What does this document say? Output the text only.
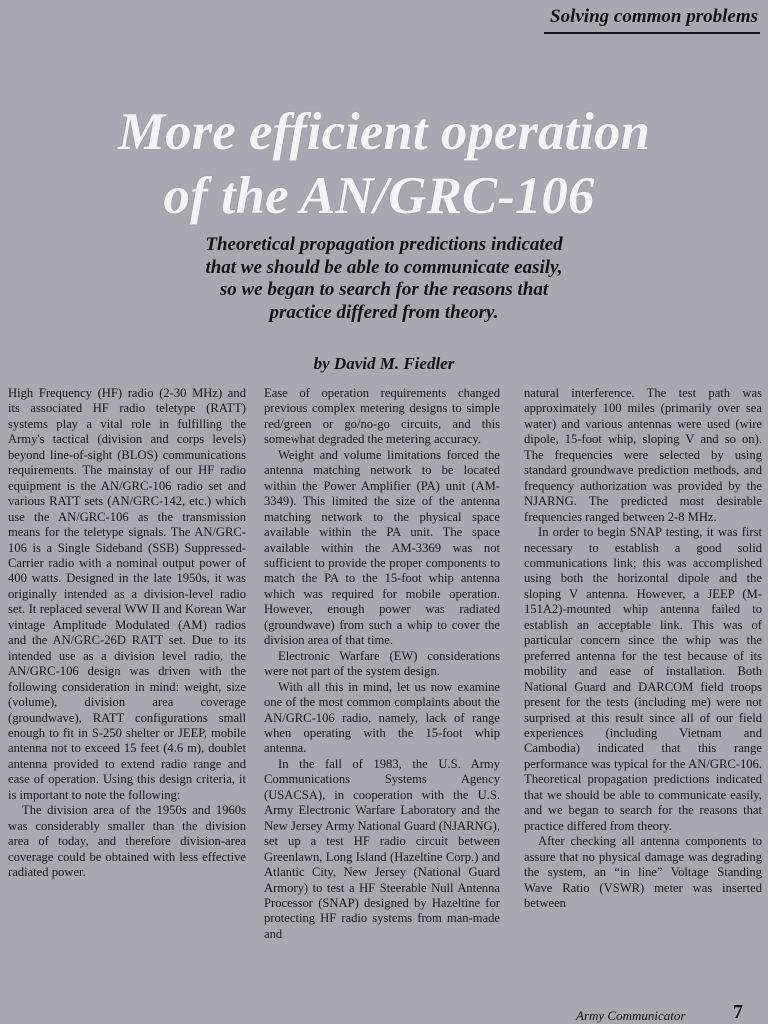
Solving common problems
More efficient operation
of the AN/GRC-106
Theoretical propagation predictions indicated
that we should be able to communicate easily,
so we began to search for the reasons that
practice differed from theory.
by David M. Fiedler

High Frequency (HF) radio (2-30 MHz) and its associated HF radio teletype (RATT) systems play a vital role in fulfilling the Army's tactical (division and corps levels) beyond line-of-sight (BLOS) communications requirements. The mainstay of our HF radio equipment is the AN/GRC-106 radio set and various RATT sets (AN/GRC-142, etc.) which use the AN/GRC-106 as the transmission means for the teletype signals. The AN/GRC-106 is a Single Sideband (SSB) Suppressed-Carrier radio with a nominal output power of 400 watts. Designed in the late 1950s, it was originally intended as a division-level radio set. It replaced several WW II and Korean War vintage Amplitude Modulated (AM) radios and the AN/GRC-26D RATT set. Due to its intended use as a division level radio, the AN/GRC-106 design was driven with the following consideration in mind: weight, size (volume), division area coverage (groundwave), RATT configurations small enough to fit in S-250 shelter or JEEP, mobile antenna not to exceed 15 feet (4.6 m), doublet antenna provided to extend radio range and ease of operation. Using this design criteria, it is important to note the following:

The division area of the 1950s and 1960s was considerably smaller than the division area of today, and therefore division-area coverage could be obtained with less effective radiated power.

Ease of operation requirements changed previous complex metering designs to simple red/green or go/no-go circuits, and this somewhat degraded the metering accuracy.

Weight and volume limitations forced the antenna matching network to be located within the Power Amplifier (PA) unit (AM-3349). This limited the size of the antenna matching network to the physical space available within the PA unit. The space available within the AM-3369 was not sufficient to provide the proper components to match the PA to the 15-foot whip antenna which was required for mobile operation. However, enough power was radiated (groundwave) from such a whip to cover the division area of that time.

Electronic Warfare (EW) considerations were not part of the system design.

With all this in mind, let us now examine one of the most common complaints about the AN/GRC-106 radio, namely, lack of range when operating with the 15-foot whip antenna.

In the fall of 1983, the U.S. Army Communications Systems Agency (USACSA), in cooperation with the U.S. Army Electronic Warfare Laboratory and the New Jersey Army National Guard (NJARNG), set up a test HF radio circuit between Greenlawn, Long Island (Hazeltine Corp.) and Atlantic City, New Jersey (National Guard Armory) to test a HF Steerable Null Antenna Processor (SNAP) designed by Hazeltine for protecting HF radio systems from man-made and

natural interference. The test path was approximately 100 miles (primarily over sea water) and various antennas were used (wire dipole, 15-foot whip, sloping V and so on). The frequencies were selected by using standard groundwave prediction methods, and frequency authorization was provided by the NJARNG. The predicted most desirable frequencies ranged between 2-8 MHz.

In order to begin SNAP testing, it was first necessary to establish a good solid communications link; this was accomplished using both the horizontal dipole and the sloping V antenna. However, a JEEP (M-151A2)-mounted whip antenna failed to establish an acceptable link. This was of particular concern since the whip was the preferred antenna for the test because of its mobility and ease of installation. Both National Guard and DARCOM field troops present for the tests (including me) were not surprised at this result since all of our field experiences (including Vietnam and Cambodia) indicated that this range performance was typical for the AN/GRC-106. Theoretical propagation predictions indicated that we should be able to communicate easily, and we began to search for the reasons that practice differed from theory.

After checking all antenna components to assure that no physical damage was degrading the system, an “in line” Voltage Standing Wave Ratio (VSWR) meter was inserted between

Army Communicator 7
